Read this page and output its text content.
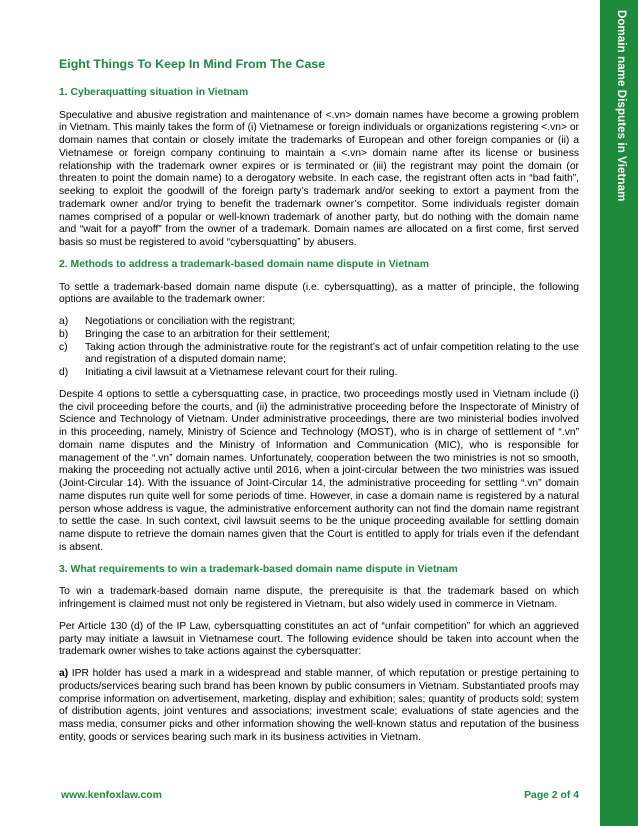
Domain name Disputes in Vietnam
Eight Things To Keep In Mind From The Case
1. Cyberaquatting situation in Vietnam

Speculative and abusive registration and maintenance of <.vn> domain names have become a growing problem in Vietnam. This mainly takes the form of (i) Vietnamese or foreign individuals or organizations registering <.vn> or domain names that contain or closely imitate the trademarks of European and other foreign companies or (ii) a Vietnamese or foreign company continuing to maintain a <.vn> domain name after its license or business relationship with the trademark owner expires or is terminated or (iii) the registrant may point the domain (or threaten to point the domain name) to a derogatory website. In each case, the registrant often acts in “bad faith”, seeking to exploit the goodwill of the foreign party’s trademark and/or seeking to extort a payment from the trademark owner and/or trying to benefit the trademark owner’s competitor. Some individuals register domain names comprised of a popular or well-known trademark of another party, but do nothing with the domain name and “wait for a payoff” from the owner of a trademark. Domain names are allocated on a first come, first served basis so must be registered to avoid “cybersquatting” by abusers.

2. Methods to address a trademark-based domain name dispute in Vietnam

To settle a trademark-based domain name dispute (i.e. cybersquatting), as a matter of principle, the following options are available to the trademark owner:

a)	Negotiations or conciliation with the registrant;
b)	Bringing the case to an arbitration for their settlement;
c)	Taking action through the administrative route for the registrant’s act of unfair competition relating to the use and registration of a disputed domain name;
d)	Initiating a civil lawsuit at a Vietnamese relevant court for their ruling.

Despite 4 options to settle a cybersquatting case, in practice, two proceedings mostly used in Vietnam include (i) the civil proceeding before the courts, and (ii) the administrative proceeding before the Inspectorate of Ministry of Science and Technology of Vietnam. Under administrative proceedings, there are two ministerial bodies involved in this proceeding, namely, Ministry of Science and Technology (MOST), who is in charge of settlement of “.vn” domain name disputes and the Ministry of Information and Communication (MIC), who is responsible for management of the “.vn” domain names. Unfortunately, cooperation between the two ministries is not so smooth, making the proceeding not actually active until 2016, when a joint-circular between the two ministries was issued (Joint-Circular 14). With the issuance of Joint-Circular 14, the administrative proceeding for settling “.vn” domain name disputes run quite well for some periods of time. However, in case a domain name is registered by a natural person whose address is vague, the administrative enforcement authority can not find the domain name registrant to settle the case. In such context, civil lawsuit seems to be the unique proceeding available for settling domain name dispute to retrieve the domain names given that the Court is entitled to apply for trials even if the defendant is absent.

3. What requirements to win a trademark-based domain name dispute in Vietnam

To win a trademark-based domain name dispute, the prerequisite is that the trademark based on which infringement is claimed must not only be registered in Vietnam, but also widely used in commerce in Vietnam.

Per Article 130 (d) of the IP Law, cybersquatting constitutes an act of “unfair competition” for which an aggrieved party may initiate a lawsuit in Vietnamese court. The following evidence should be taken into account when the trademark owner wishes to take actions against the cybersquatter:

a) IPR holder has used a mark in a widespread and stable manner, of which reputation or prestige pertaining to products/services bearing such brand has been known by public consumers in Vietnam. Substantiated proofs may comprise information on advertisement, marketing, display and exhibition; sales; quantity of products sold; system of distribution agents, joint ventures and associations; investment scale; evaluations of state agencies and the mass media, consumer picks and other information showing the well-known status and reputation of the business entity, goods or services bearing such mark in its business activities in Vietnam.

www.kenfoxlaw.com	Page 2 of 4
